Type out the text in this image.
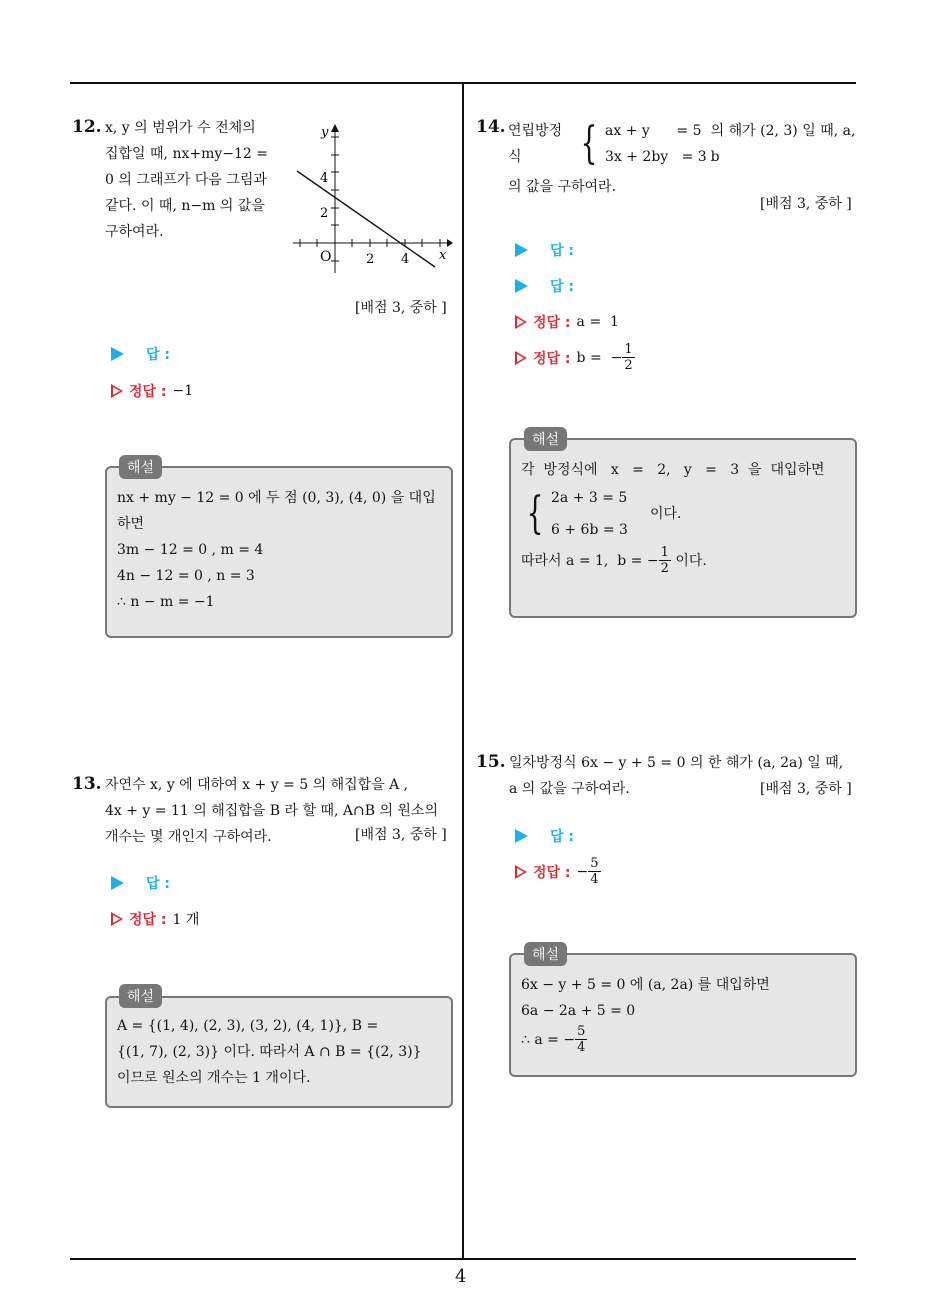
4
12. x, y 의 범위가 수 전체의
집합일 때, nx+my−12 =
0 의 그래프가 다음 그림과
같다. 이 때, n−m 의 값을
구하여라.
y
x
O
4
2
2 4
[배점 3, 중하 ]
답 :
정답 : −1
nx + my − 12 = 0 에 두 점 (0, 3), (4, 0) 을 대입
하면
3m − 12 = 0 , m = 4
4n − 12 = 0 , n = 3
∴ n − m = −1
해설
13. 자연수 x, y 에 대하여 x + y = 5 의 해집합을 A ,
4x + y = 11 의 해집합을 B 라 할 때, A∩B 의 원소의
개수는 몇 개인지 구하여라.	[배점 3, 중하 ]
답 :
정답 : 1 개
A = {(1, 4), (2, 3), (3, 2), (4, 1)}, B =
{(1, 7), (2, 3)} 이다. 따라서 A ∩ B = {(2, 3)}
이므로 원소의 개수는 1 개이다.
해설
14. 연립방정식	{ ax + y      = 5
3x + 2by   = 3
의 해가 (2, 3) 일 때, a, b
의 값을 구하여라.
[배점 3, 중하 ]
답 :
답 :
정답 : a =  1
정답 : b =  − $\frac{1}{2}$
각  방정식에   x   =   2,   y   =   3  을  대입하면
{ 2a + 3 = 5
6 + 6b = 3
이다.
따라서 a = 1,  b = − $\frac{1}{2}$ 이다.
해설
15. 일차방정식 6x − y + 5 = 0 의 한 해가 (a, 2a) 일 때,
a 의 값을 구하여라.	[배점 3, 중하 ]
답 :
정답 : − $\frac{5}{4}$
6x − y + 5 = 0 에 (a, 2a) 를 대입하면
6a − 2a + 5 = 0
∴ a = − $\frac{5}{4}$
해설
